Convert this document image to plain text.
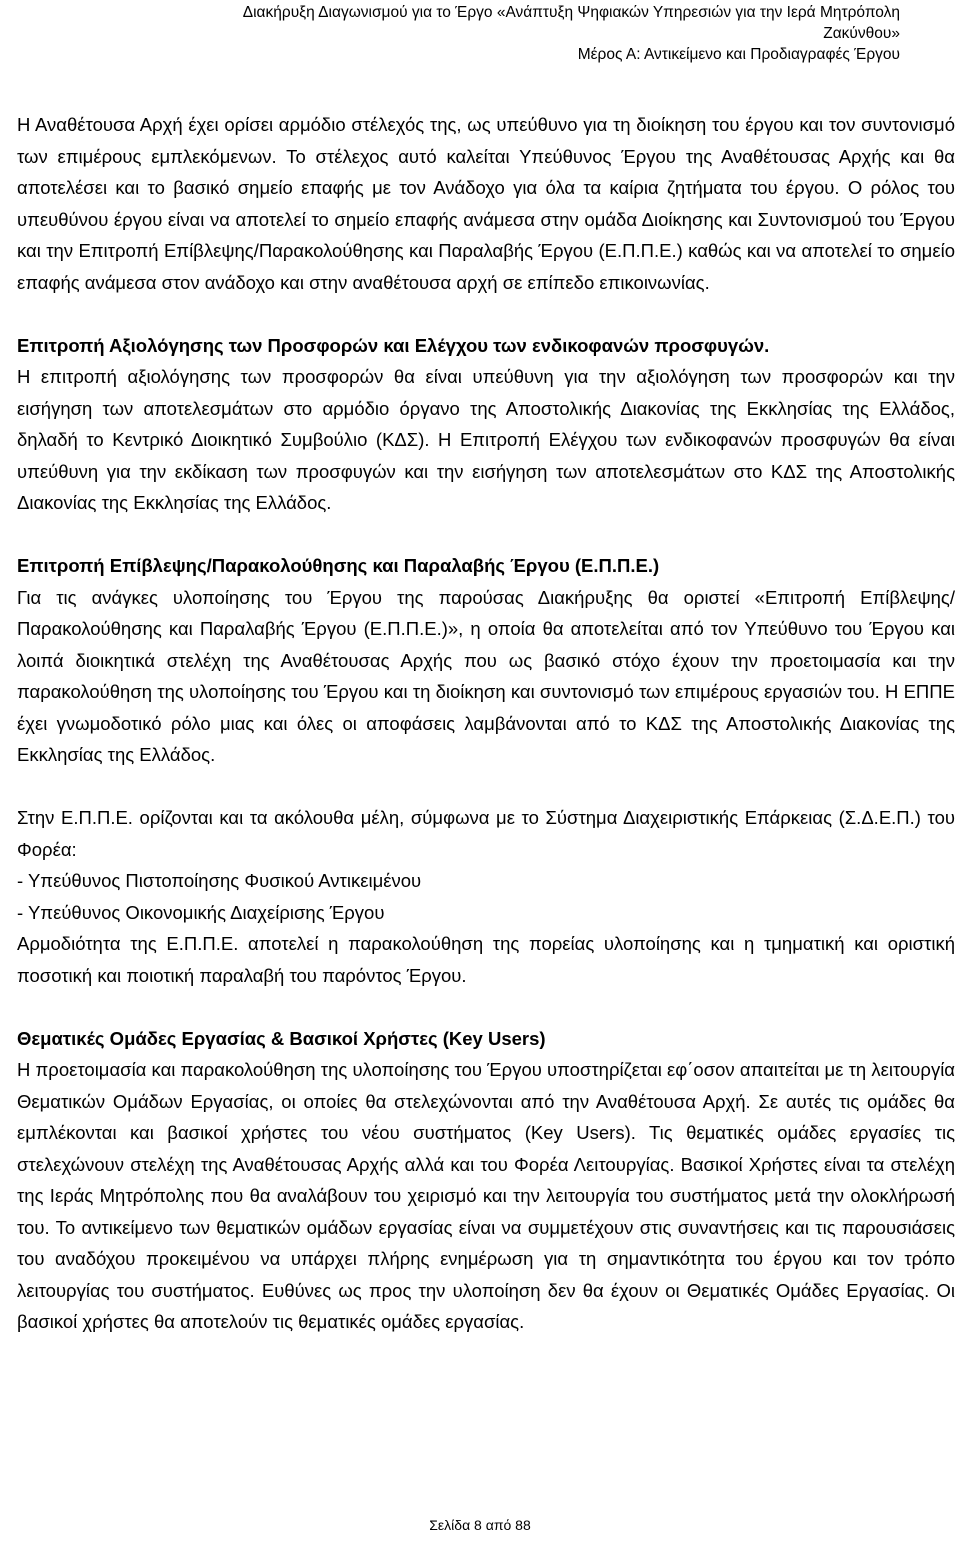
Διακήρυξη Διαγωνισμού για το Έργο «Ανάπτυξη Ψηφιακών Υπηρεσιών για την Ιερά Μητρόπολη
Ζακύνθου»
Μέρος Α: Αντικείμενο και Προδιαγραφές Έργου

Η Αναθέτουσα Αρχή έχει ορίσει αρμόδιο στέλεχός της, ως υπεύθυνο για τη διοίκηση του έργου και τον συντονισμό των επιμέρους εμπλεκόμενων. Το στέλεχος αυτό καλείται Υπεύθυνος Έργου της Αναθέτουσας Αρχής και θα αποτελέσει και το βασικό σημείο επαφής με τον Ανάδοχο για όλα τα καίρια ζητήματα του έργου. Ο ρόλος του υπευθύνου έργου είναι να αποτελεί το σημείο επαφής ανάμεσα στην ομάδα Διοίκησης και Συντονισμού του Έργου και την Επιτροπή Επίβλεψης/Παρακολούθησης και Παραλαβής Έργου (Ε.Π.Π.Ε.) καθώς και να αποτελεί το σημείο επαφής ανάμεσα στον ανάδοχο και στην αναθέτουσα αρχή σε επίπεδο επικοινωνίας.

Επιτροπή Αξιολόγησης των Προσφορών και Ελέγχου των ενδικοφανών προσφυγών.

Η επιτροπή αξιολόγησης των προσφορών θα είναι υπεύθυνη για την αξιολόγηση των προσφορών και την εισήγηση των αποτελεσμάτων στο αρμόδιο όργανο της Αποστολικής Διακονίας της Εκκλησίας της Ελλάδος, δηλαδή το Κεντρικό Διοικητικό Συμβούλιο (ΚΔΣ). Η Επιτροπή Ελέγχου των ενδικοφανών προσφυγών θα είναι υπεύθυνη για την εκδίκαση των προσφυγών και την εισήγηση των αποτελεσμάτων στο ΚΔΣ της Αποστολικής Διακονίας της Εκκλησίας της Ελλάδος.

Επιτροπή Επίβλεψης/Παρακολούθησης και Παραλαβής Έργου (Ε.Π.Π.Ε.)

Για τις ανάγκες υλοποίησης του Έργου της παρούσας Διακήρυξης θα οριστεί «Επιτροπή Επίβλεψης/Παρακολούθησης και Παραλαβής Έργου (Ε.Π.Π.Ε.)», η οποία θα αποτελείται από τον Υπεύθυνο του Έργου και λοιπά διοικητικά στελέχη της Αναθέτουσας Αρχής που ως βασικό στόχο έχουν την προετοιμασία και την παρακολούθηση της υλοποίησης του Έργου και τη διοίκηση και συντονισμό των επιμέρους εργασιών του. Η ΕΠΠΕ έχει γνωμοδοτικό ρόλο μιας και όλες οι αποφάσεις λαμβάνονται από το ΚΔΣ της Αποστολικής Διακονίας της Εκκλησίας της Ελλάδος.

Στην Ε.Π.Π.Ε. ορίζονται και τα ακόλουθα μέλη, σύμφωνα με το Σύστημα Διαχειριστικής Επάρκειας (Σ.Δ.Ε.Π.) του Φορέα:

- Υπεύθυνος Πιστοποίησης Φυσικού Αντικειμένου

- Υπεύθυνος Οικονομικής Διαχείρισης Έργου

Αρμοδιότητα της Ε.Π.Π.Ε. αποτελεί η παρακολούθηση της πορείας υλοποίησης και η τμηματική και οριστική ποσοτική και ποιοτική παραλαβή του παρόντος Έργου.

Θεματικές Ομάδες Εργασίας & Βασικοί Χρήστες (Key Users)

Η προετοιμασία και παρακολούθηση της υλοποίησης του Έργου υποστηρίζεται εφ΄οσον απαιτείται με τη λειτουργία Θεματικών Ομάδων Εργασίας, οι οποίες θα στελεχώνονται από την Αναθέτουσα Αρχή. Σε αυτές τις ομάδες θα εμπλέκονται και βασικοί χρήστες του νέου συστήματος (Key Users). Τις θεματικές ομάδες εργασίες τις στελεχώνουν στελέχη της Αναθέτουσας Αρχής αλλά και του Φορέα Λειτουργίας. Βασικοί Χρήστες είναι τα στελέχη της Ιεράς Μητρόπολης που θα αναλάβουν του χειρισμό και την λειτουργία του συστήματος μετά την ολοκλήρωσή του. Το αντικείμενο των θεματικών ομάδων εργασίας είναι να συμμετέχουν στις συναντήσεις και τις παρουσιάσεις του αναδόχου προκειμένου να υπάρχει πλήρης ενημέρωση για τη σημαντικότητα του έργου και τον τρόπο λειτουργίας του συστήματος. Ευθύνες ως προς την υλοποίηση δεν θα έχουν οι Θεματικές Ομάδες Εργασίας. Οι βασικοί χρήστες θα αποτελούν τις θεματικές ομάδες εργασίας.

Σελίδα 8 από 88
